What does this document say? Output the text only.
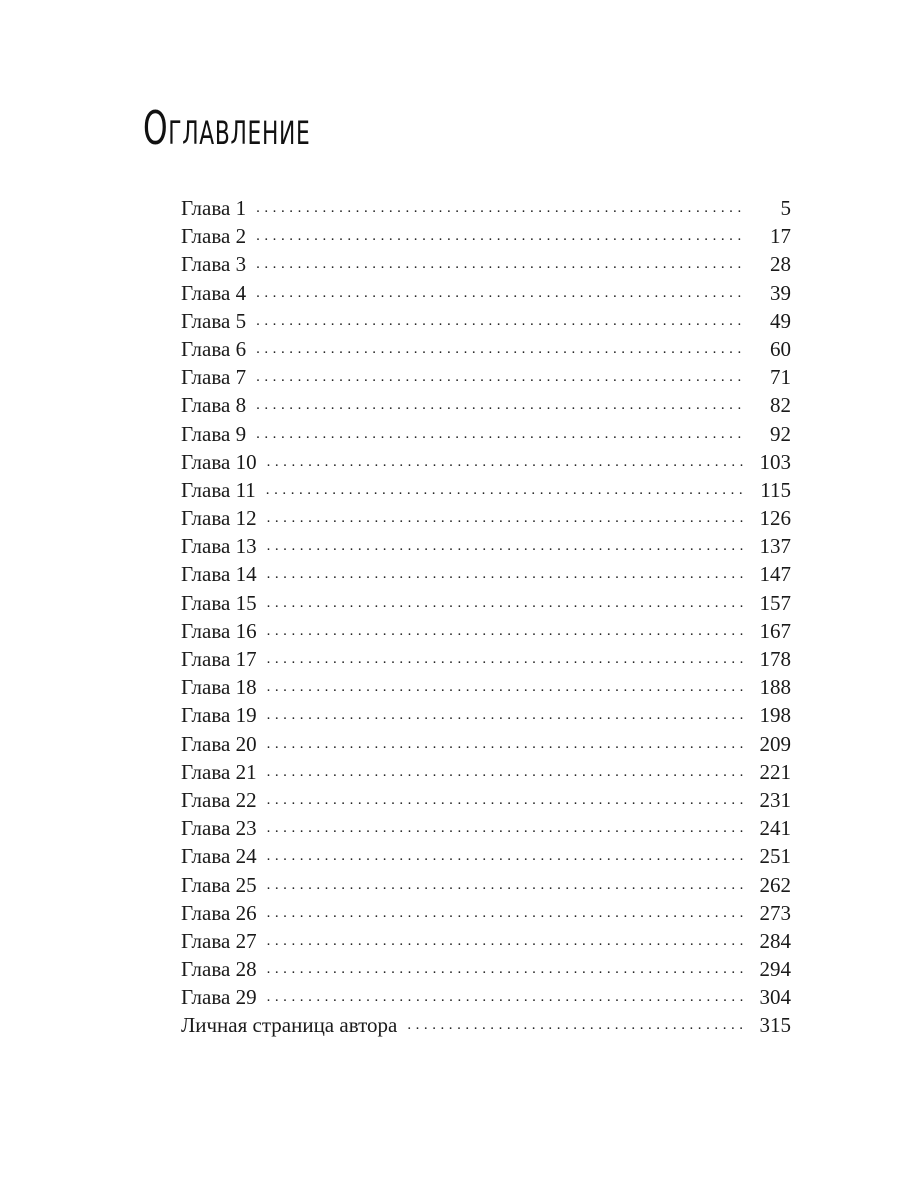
Оглавление
Глава 1 . . .	5
Глава 2 . . .	17
Глава 3 . . .	28
Глава 4 . . .	39
Глава 5 . . .	49
Глава 6 . . .	60
Глава 7 . . .	71
Глава 8 . . .	82
Глава 9 . . .	92
Глава 10 . . .	103
Глава 11 . . .	115
Глава 12 . . .	126
Глава 13 . . .	137
Глава 14 . . .	147
Глава 15 . . .	157
Глава 16 . . .	167
Глава 17 . . .	178
Глава 18 . . .	188
Глава 19 . . .	198
Глава 20 . . .	209
Глава 21 . . .	221
Глава 22 . . .	231
Глава 23 . . .	241
Глава 24 . . .	251
Глава 25 . . .	262
Глава 26 . . .	273
Глава 27 . . .	284
Глава 28 . . .	294
Глава 29 . . .	304
Личная страница автора . . .	315
